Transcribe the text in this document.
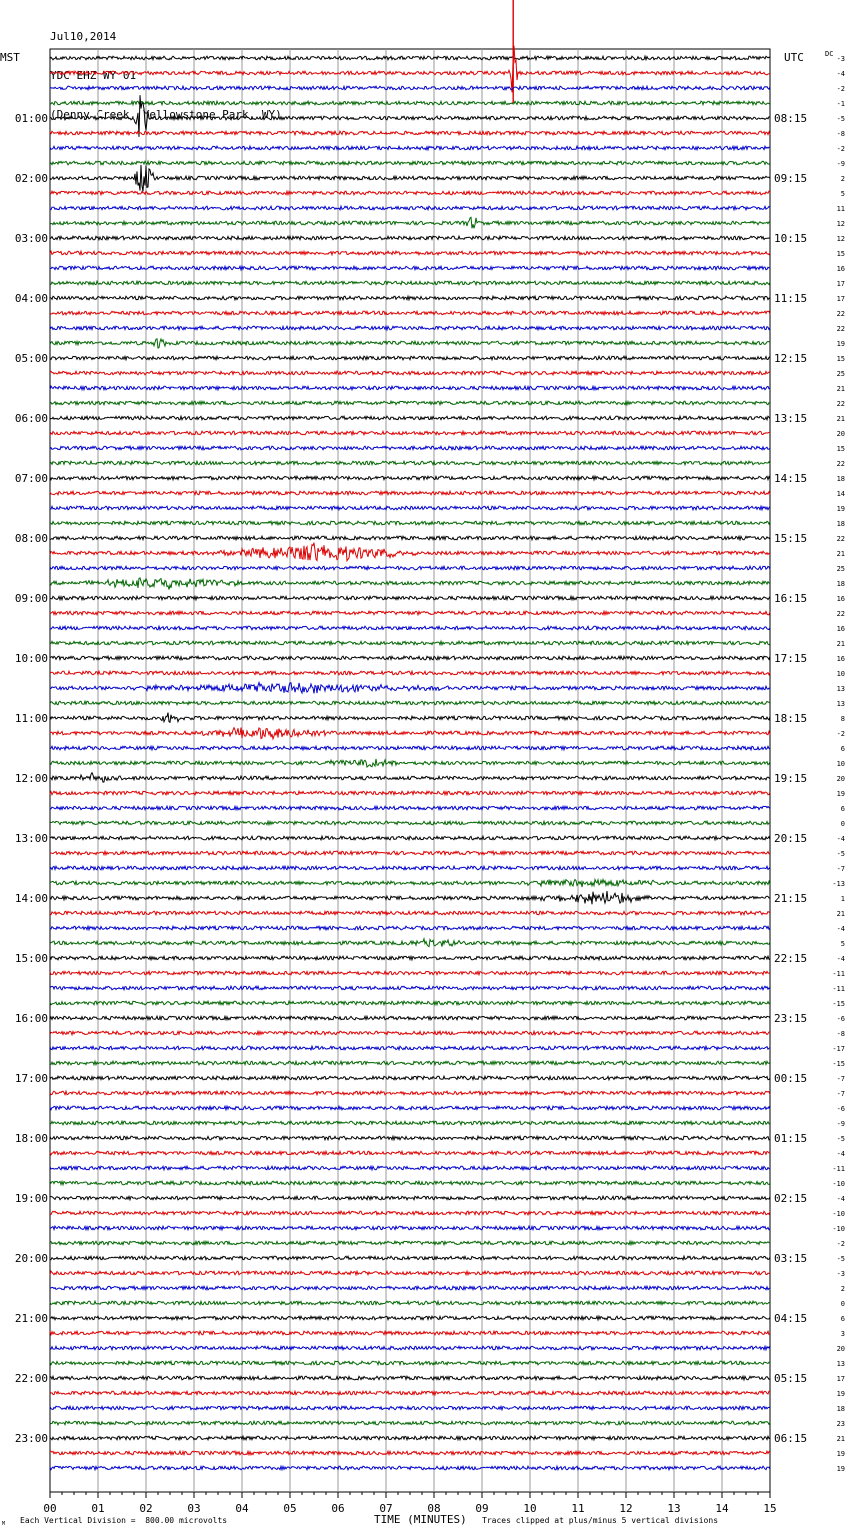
Jul10,2014

YDC EHZ WY 01

(Denny Creek, Yellowstone Park, WY)

01:00
02:00
03:00
04:00
05:00
06:00
07:00
08:00
09:00
10:00
11:00
12:00
13:00
14:00
15:00
16:00
17:00
18:00
19:00
20:00
21:00
22:00
23:00
08:15
09:15
10:15
11:15
12:15
13:15
14:15
15:15
16:15
17:15
18:15
19:15
20:15
21:15
22:15
23:15
00:15
01:15
02:15
03:15
04:15
05:15
06:15
-3
-4
-2
-1
-5
-8
-2
-9
2
5
11
12
12
15
16
17
17
22
22
19
15
25
21
22
21
20
15
22
18
14
19
18
22
21
25
18
16
22
16
21
16
10
13
13
8
-2
6
10
20
19
6
0
-4
-5
-7
-13
1
21
-4
5
-4
-11
-11
-15
-6
-8
-17
-15
-7
-7
-6
-9
-5
-4
-11
-10
-4
-10
-10
-2
-5
-3
2
0
6
3
20
13
17
19
18
23
21
19
19
00	01	02	03	04	05	06	07	08	09	10	11	12	13	14	15
MST	UTC	DC
M Each Vertical Division =  800.00 microvolts	TIME (MINUTES) Traces clipped at plus/minus 5 vertical divisions
